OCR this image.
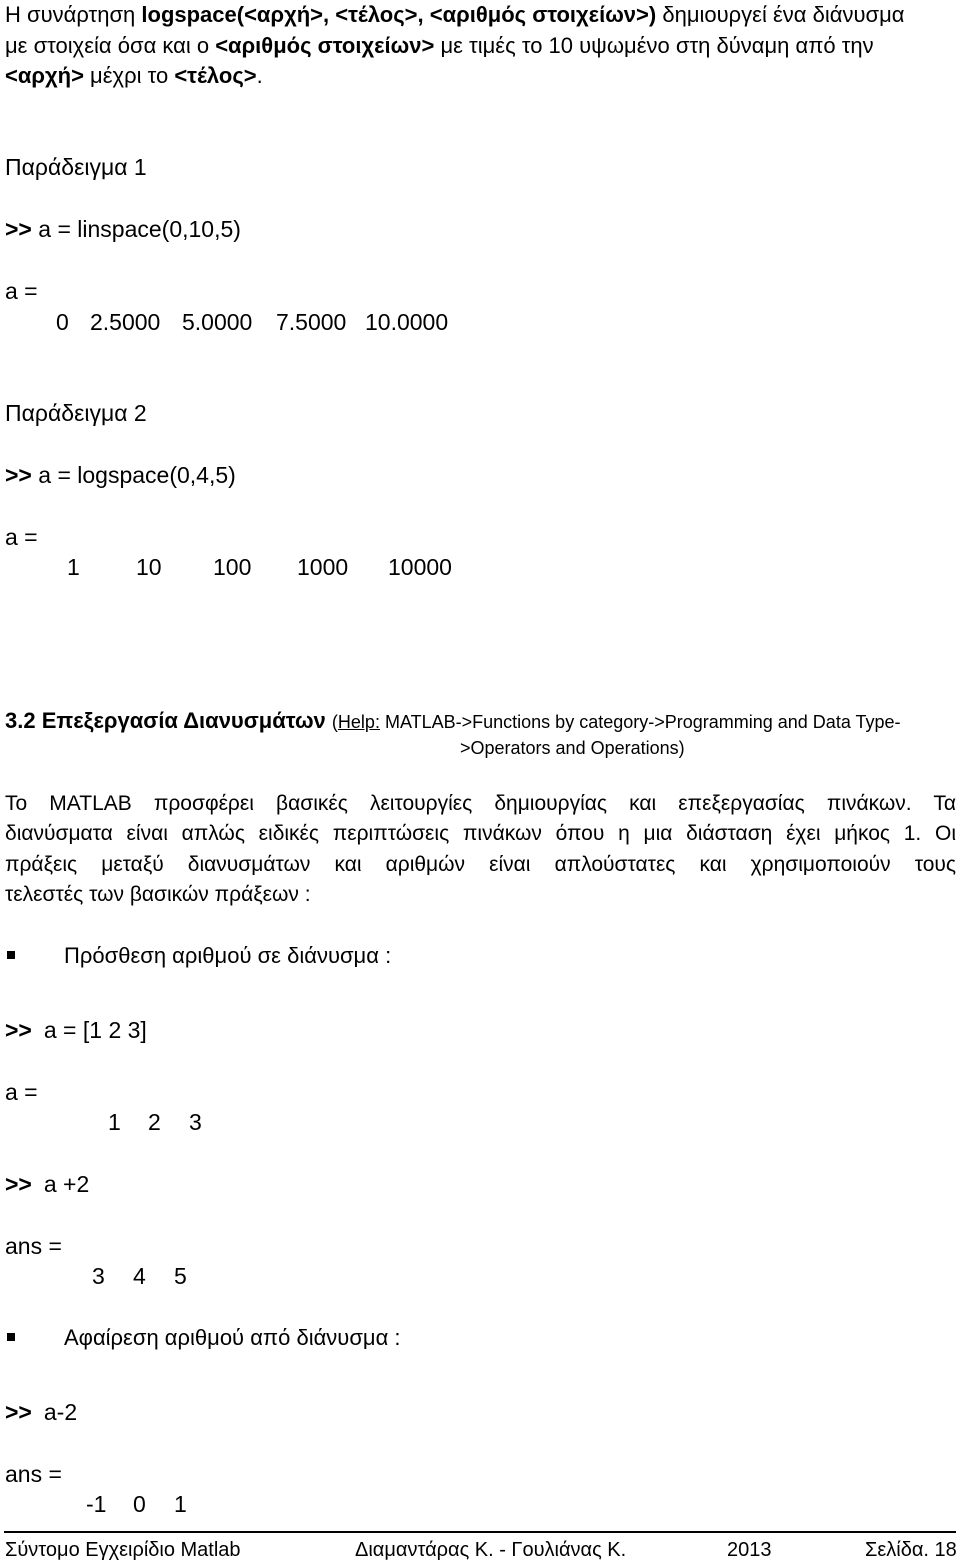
Η συνάρτηση logspace(<αρχή>, <τέλος>, <αριθμός στοιχείων>) δημιουργεί ένα διάνυσμα
με στοιχεία όσα και ο <αριθμός στοιχείων> με τιμές το 10 υψωμένο στη δύναμη από την
<αρχή> μέχρι το <τέλος>.
Παράδειγμα 1
>> a = linspace(0,10,5)
a =
0 2.5000 5.0000 7.5000 10.0000
Παράδειγμα 2
>> a = logspace(0,4,5)
a =
1 10 100 1000 10000
3.2 Επεξεργασία Διανυσμάτων (Help: MATLAB->Functions by category->Programming and Data Type-
>Operators and Operations)
Το MATLAB προσφέρει βασικές λειτουργίες δημιουργίας και επεξεργασίας πινάκων. Τα
διανύσματα είναι απλώς ειδικές περιπτώσεις πινάκων όπου η μια διάσταση έχει μήκος 1. Οι
πράξεις μεταξύ διανυσμάτων και αριθμών είναι απλούστατες και χρησιμοποιούν τους
τελεστές των βασικών πράξεων :
Πρόσθεση αριθμού σε διάνυσμα :
>> a = [1 2 3]
a =
1 2 3
>> a +2
ans =
3 4 5
Αφαίρεση αριθμού από διάνυσμα :
>> a-2
ans =
-1 0 1
Σύντομο Εγχειρίδιο Matlab	Διαμαντάρας Κ. - Γουλιάνας Κ.	2013	Σελίδα. 18
